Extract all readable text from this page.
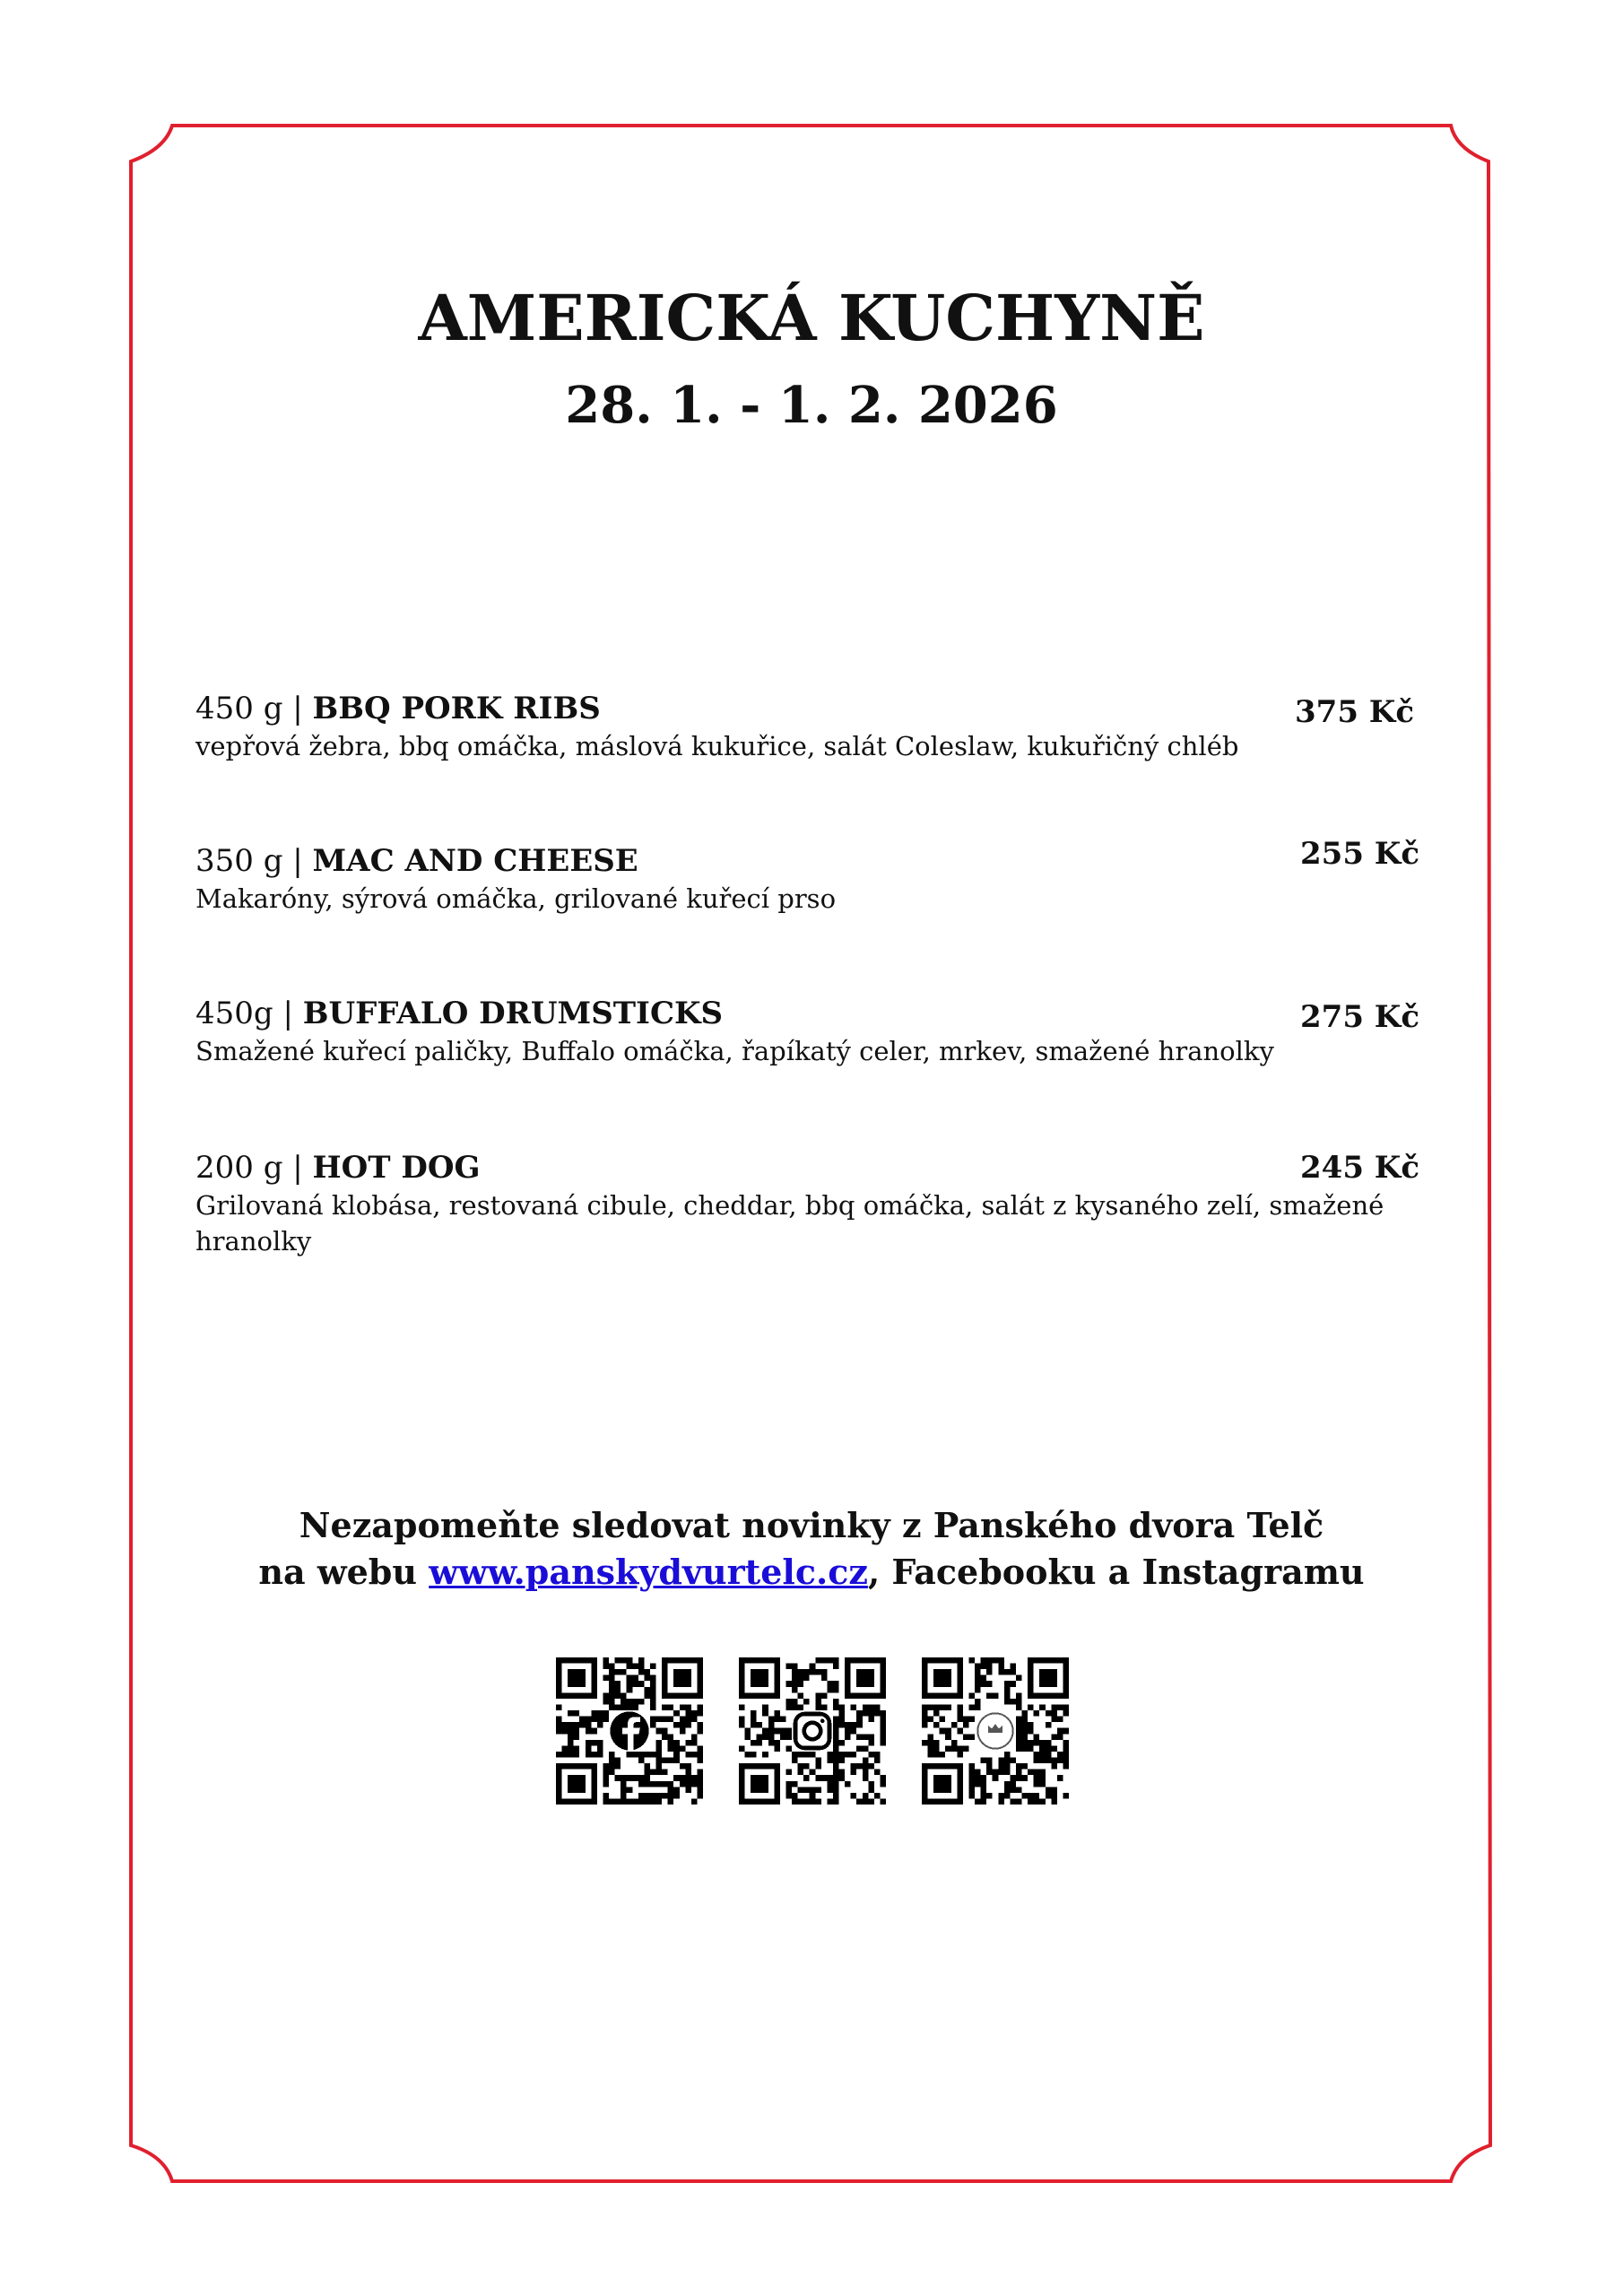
AMERICKÁ KUCHYNĚ
28. 1. - 1. 2. 2026
450 g | BBQ PORK RIBS
vepřová žebra, bbq omáčka, máslová kukuřice, salát Coleslaw, kukuřičný chléb
375 Kč
350 g | MAC AND CHEESE
Makaróny, sýrová omáčka, grilované kuřecí prso
255 Kč
450g | BUFFALO DRUMSTICKS
Smažené kuřecí paličky, Buffalo omáčka, řapíkatý celer, mrkev, smažené hranolky
275 Kč
200 g | HOT DOG
Grilovaná klobása, restovaná cibule, cheddar, bbq omáčka, salát z kysaného zelí, smažené hranolky
245 Kč
Nezapomeňte sledovat novinky z Panského dvora Telč
na webu www.panskydvurtelc.cz, Facebooku a Instagramu
